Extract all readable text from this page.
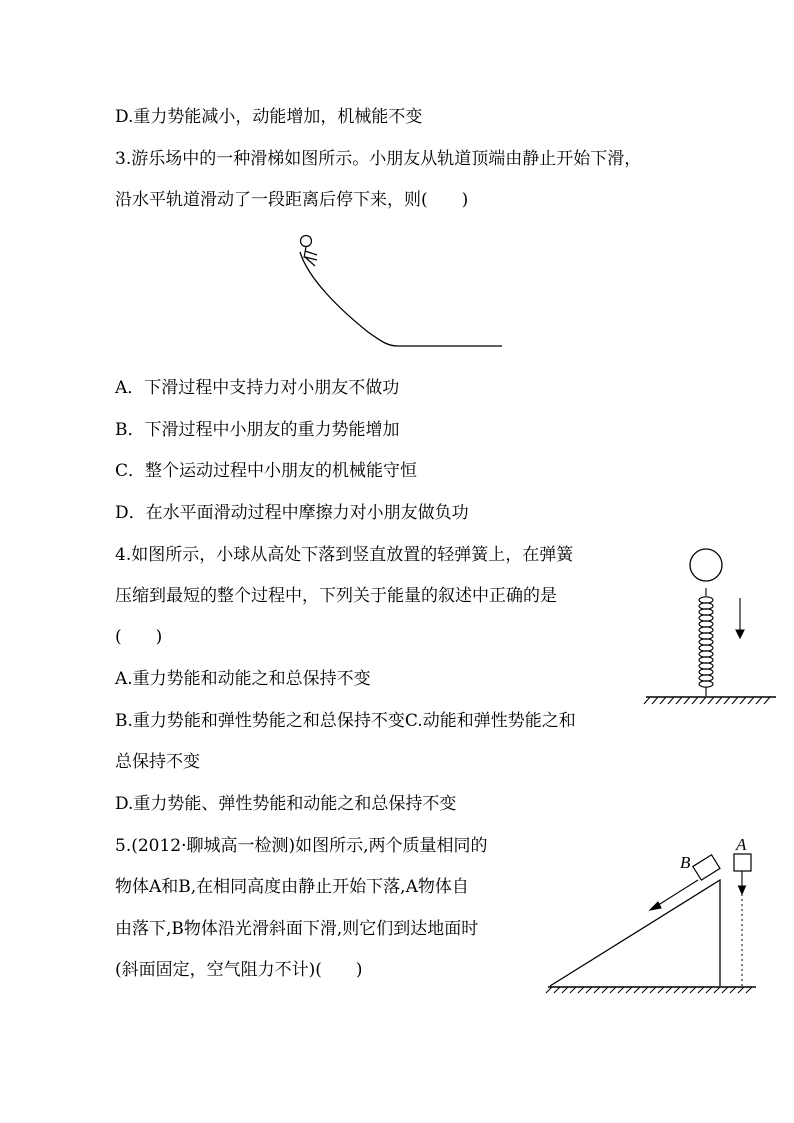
D.重力势能减小，动能增加，机械能不变
3.游乐场中的一种滑梯如图所示。小朋友从轨道顶端由静止开始下滑，
沿水平轨道滑动了一段距离后停下来，则(　　)
A．下滑过程中支持力对小朋友不做功
B．下滑过程中小朋友的重力势能增加
C．整个运动过程中小朋友的机械能守恒
D．在水平面滑动过程中摩擦力对小朋友做负功
4.如图所示，小球从高处下落到竖直放置的轻弹簧上，在弹簧
压缩到最短的整个过程中，下列关于能量的叙述中正确的是
(　　)
A.重力势能和动能之和总保持不变
B.重力势能和弹性势能之和总保持不变C.动能和弹性势能之和
总保持不变
D.重力势能、弹性势能和动能之和总保持不变
5.(2012·聊城高一检测)如图所示,两个质量相同的
物体A和B,在相同高度由静止开始下落,A物体自
由落下,B物体沿光滑斜面下滑,则它们到达地面时
(斜面固定，空气阻力不计)(　　)
B
A
